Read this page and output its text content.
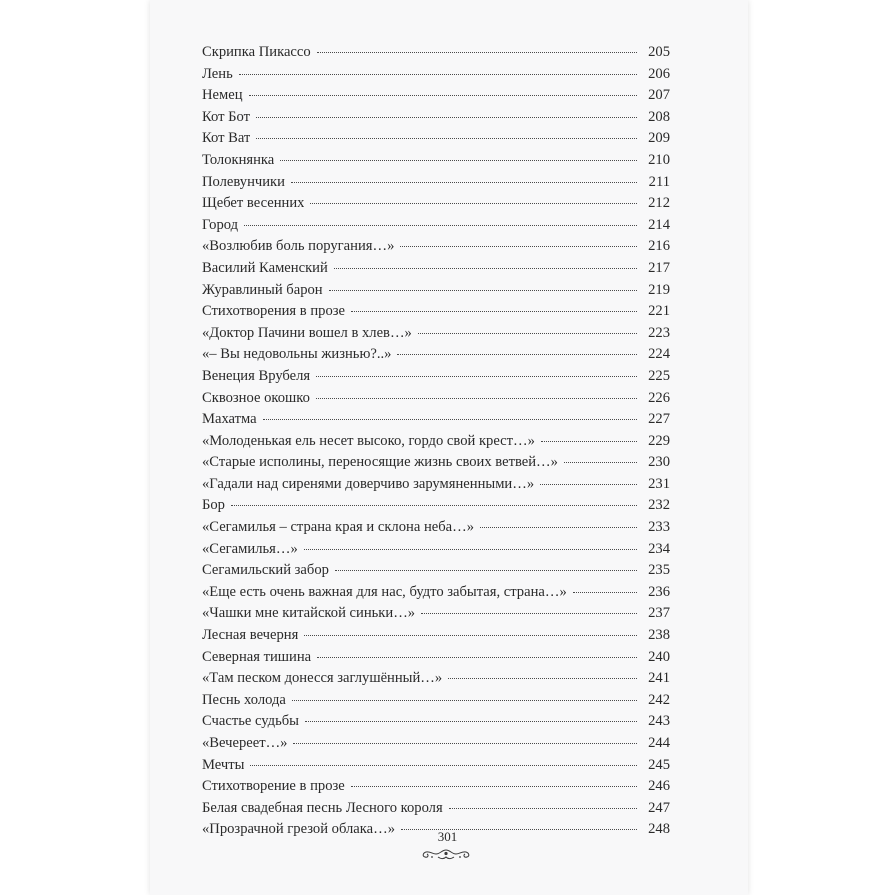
Скрипка Пикассо	205
Лень	206
Немец	207
Кот Бот	208
Кот Ват	209
Толокнянка	210
Полевунчики	211
Щебет весенних	212
Город	214
«Возлюбив боль поругания…»	216
Василий Каменский	217
Журавлиный барон	219
Стихотворения в прозе	221
«Доктор Пачини вошел в хлев…»	223
«– Вы недовольны жизнью?..»	224
Венеция Врубеля	225
Сквозное окошко	226
Махатма	227
«Молоденькая ель несет высоко, гордо свой крест…»	229
«Старые исполины, переносящие жизнь своих ветвей…»	230
«Гадали над сиренями доверчиво зарумяненными…»	231
Бор	232
«Сегамилья – страна края и склона неба…»	233
«Сегамилья…»	234
Сегамильский забор	235
«Еще есть очень важная для нас, будто забытая, страна…»	236
«Чашки мне китайской синьки…»	237
Лесная вечерня	238
Северная тишина	240
«Там песком донесся заглушённый…»	241
Песнь холода	242
Счастье судьбы	243
«Вечереет…»	244
Мечты	245
Стихотворение в прозе	246
Белая свадебная песнь Лесного короля	247
«Прозрачной грезой облака…»	248
301
